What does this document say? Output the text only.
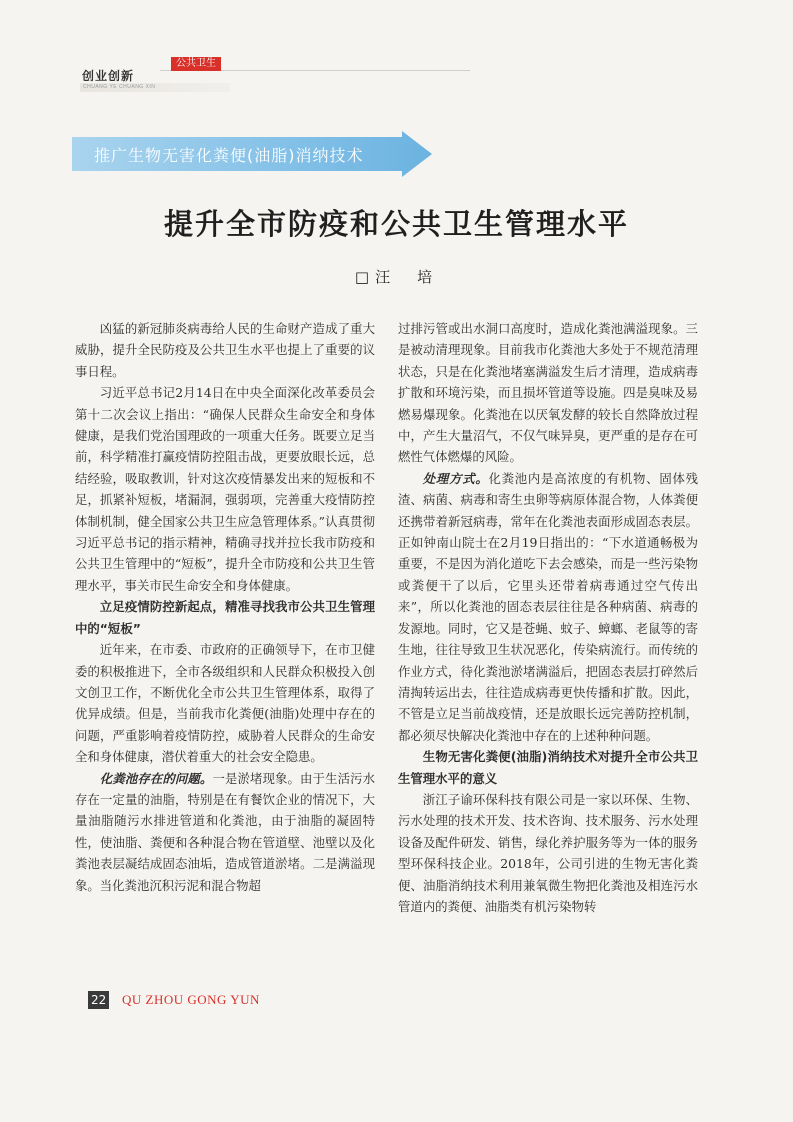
创业创新
CHUANG YE CHUANG XIN
公共卫生
推广生物无害化粪便(油脂)消纳技术
提升全市防疫和公共卫生管理水平
□汪　培

凶猛的新冠肺炎病毒给人民的生命财产造成了重大威胁，提升全民防疫及公共卫生水平也提上了重要的议事日程。

习近平总书记2月14日在中央全面深化改革委员会第十二次会议上指出：“确保人民群众生命安全和身体健康，是我们党治国理政的一项重大任务。既要立足当前，科学精准打赢疫情防控阻击战，更要放眼长远，总结经验，吸取教训，针对这次疫情暴发出来的短板和不足，抓紧补短板，堵漏洞，强弱项，完善重大疫情防控体制机制，健全国家公共卫生应急管理体系。”认真贯彻习近平总书记的指示精神，精确寻找并拉长我市防疫和公共卫生管理中的“短板”，提升全市防疫和公共卫生管理水平，事关市民生命安全和身体健康。

立足疫情防控新起点，精准寻找我市公共卫生管理中的“短板”

近年来，在市委、市政府的正确领导下，在市卫健委的积极推进下，全市各级组织和人民群众积极投入创文创卫工作，不断优化全市公共卫生管理体系，取得了优异成绩。但是，当前我市化粪便(油脂)处理中存在的问题，严重影响着疫情防控，威胁着人民群众的生命安全和身体健康，潜伏着重大的社会安全隐患。

化粪池存在的问题。一是淤堵现象。由于生活污水存在一定量的油脂，特别是在有餐饮企业的情况下，大量油脂随污水排进管道和化粪池，由于油脂的凝固特性，使油脂、粪便和各种混合物在管道壁、池壁以及化粪池表层凝结成固态油垢，造成管道淤堵。二是满溢现象。当化粪池沉积污泥和混合物超

过排污管或出水洞口高度时，造成化粪池满溢现象。三是被动清理现象。目前我市化粪池大多处于不规范清理状态，只是在化粪池堵塞满溢发生后才清理，造成病毒扩散和环境污染，而且损坏管道等设施。四是臭味及易燃易爆现象。化粪池在以厌氧发酵的较长自然降放过程中，产生大量沼气，不仅气味异臭，更严重的是存在可燃性气体燃爆的风险。

处理方式。化粪池内是高浓度的有机物、固体残渣、病菌、病毒和寄生虫卵等病原体混合物，人体粪便还携带着新冠病毒，常年在化粪池表面形成固态表层。正如钟南山院士在2月19日指出的：“下水道通畅极为重要，不是因为消化道吃下去会感染，而是一些污染物或粪便干了以后，它里头还带着病毒通过空气传出来”，所以化粪池的固态表层往往是各种病菌、病毒的发源地。同时，它又是苍蝇、蚊子、蟑螂、老鼠等的寄生地，往往导致卫生状况恶化，传染病流行。而传统的作业方式，待化粪池淤堵满溢后，把固态表层打碎然后清掏转运出去，往往造成病毒更快传播和扩散。因此，不管是立足当前战疫情，还是放眼长远完善防控机制，都必须尽快解决化粪池中存在的上述种种问题。

生物无害化粪便(油脂)消纳技术对提升全市公共卫生管理水平的意义

浙江子谕环保科技有限公司是一家以环保、生物、污水处理的技术开发、技术咨询、技术服务、污水处理设备及配件研发、销售，绿化养护服务等为一体的服务型环保科技企业。2018年，公司引进的生物无害化粪便、油脂消纳技术利用兼氧微生物把化粪池及相连污水管道内的粪便、油脂类有机污染物转

22 QU ZHOU GONG YUN
